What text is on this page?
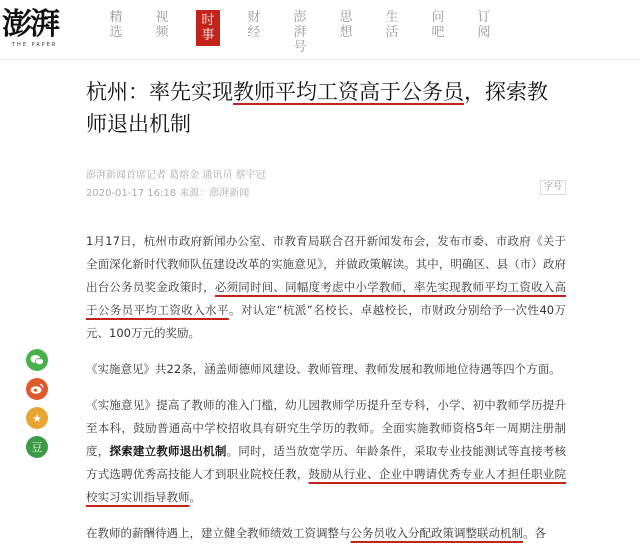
澎湃
THE PAPER
精
选
视
频
时
事
财
经
澎
湃
号
思
想
生
活
问
吧
订
阅
杭州：率先实现教师平均工资高于公务员，探索教师退出机制
澎湃新闻首席记者 葛熔金 通讯员 蔡宇冠
2020-01-17 16:18 来源：澎湃新闻
字号

1月17日，杭州市政府新闻办公室、市教育局联合召开新闻发布会，发布市委、市政府《关于全面深化新时代教师队伍建设改革的实施意见》，并做政策解读。其中，明确区、县（市）政府出台公务员奖金政策时，必须同时间、同幅度考虑中小学教师，率先实现教师平均工资收入高于公务员平均工资收入水平。对认定“杭派”名校长、卓越校长，市财政分别给予一次性40万元、100万元的奖励。

《实施意见》共22条，涵盖师德师风建设、教师管理、教师发展和教师地位待遇等四个方面。

《实施意见》提高了教师的准入门槛，幼儿园教师学历提升至专科，小学、初中教师学历提升至本科，鼓励普通高中学校招收具有研究生学历的教师。全面实施教师资格5年一周期注册制度，探索建立教师退出机制。同时，适当放宽学历、年龄条件，采取专业技能测试等直接考核方式选聘优秀高技能人才到职业院校任教，鼓励从行业、企业中聘请优秀专业人才担任职业院校实习实训指导教师。

在教师的薪酬待遇上，建立健全教师绩效工资调整与公务员收入分配政策调整联动机制。各

★
豆
